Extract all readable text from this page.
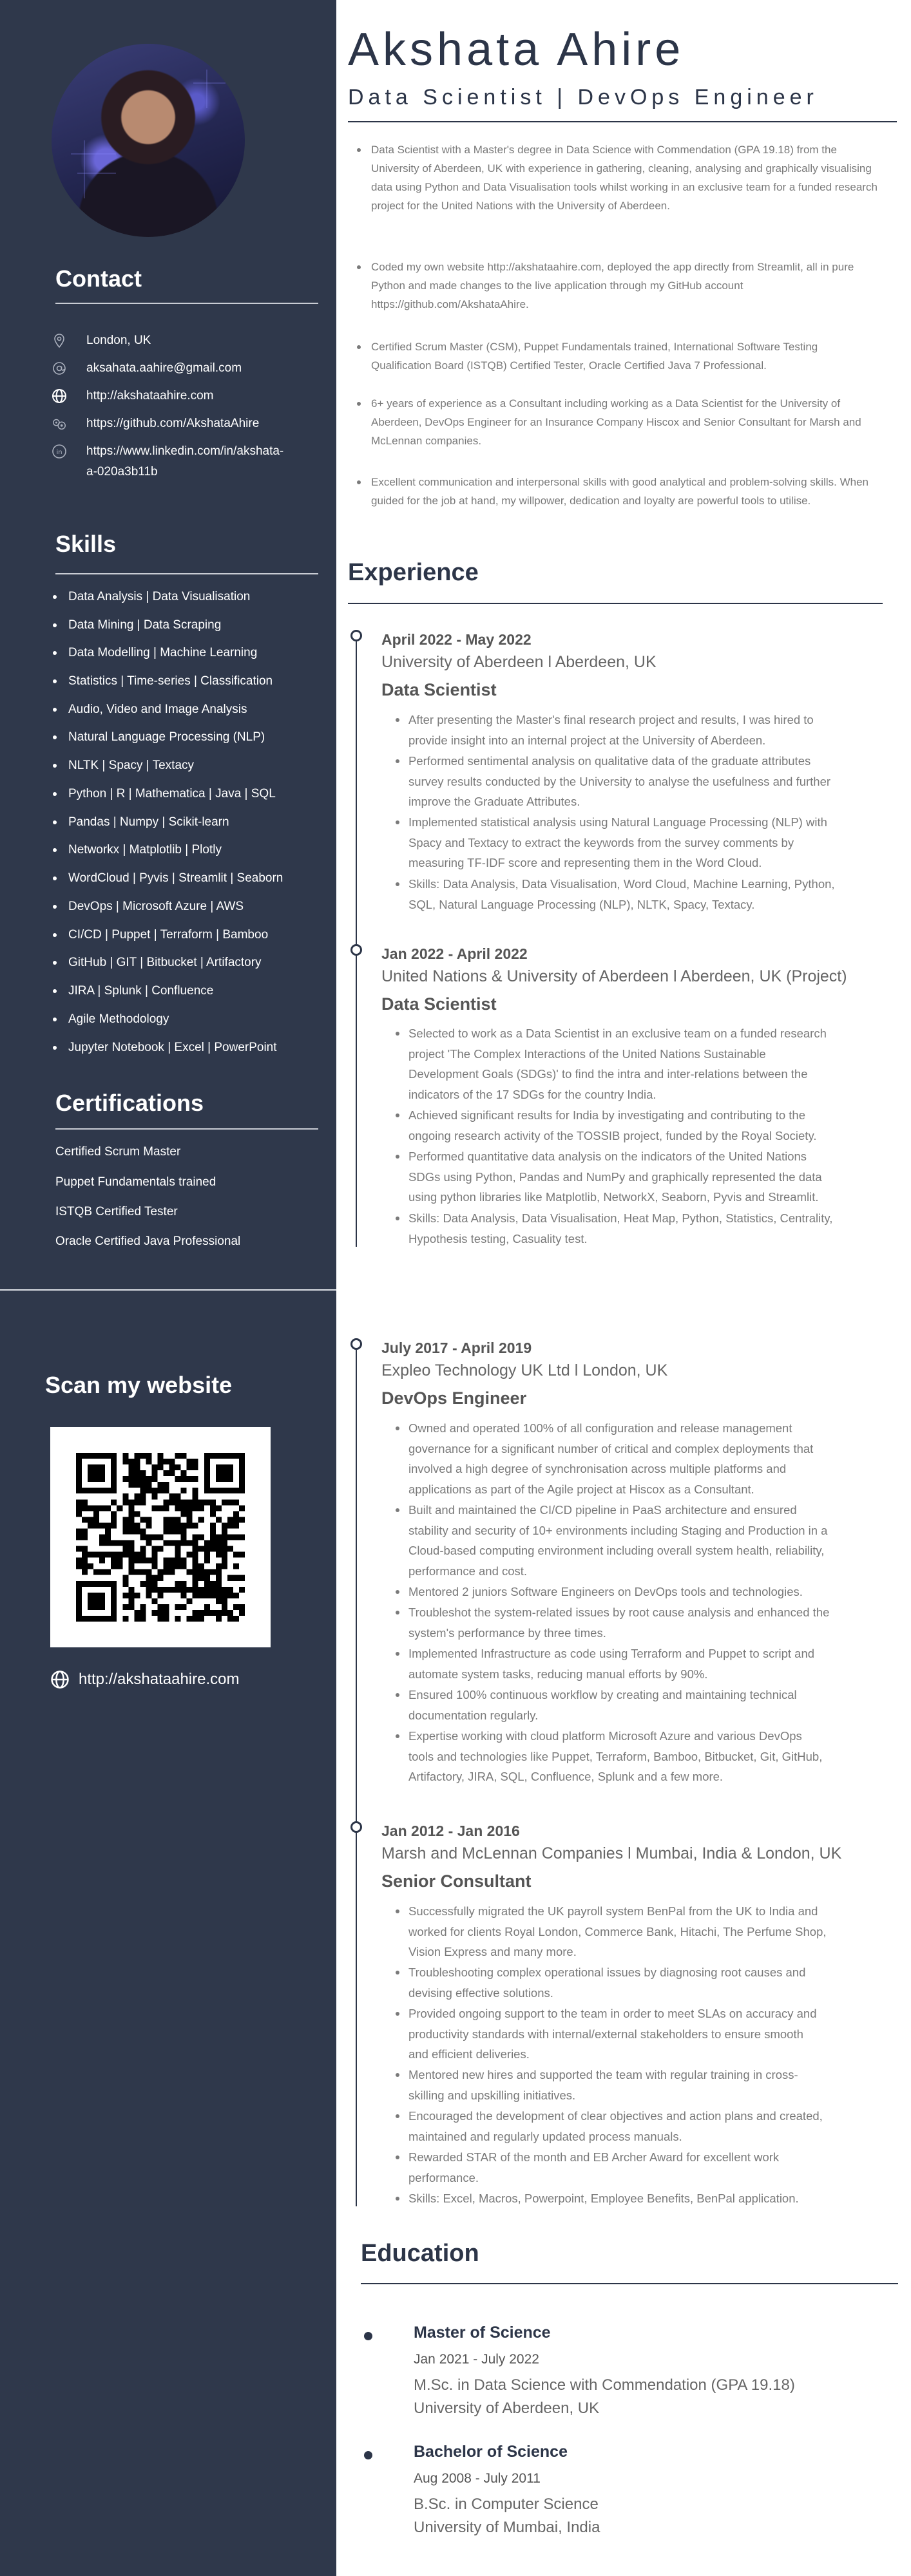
Contact
London, UK
aksahata.aahire@gmail.com
http://akshataahire.com
https://github.com/AkshataAhire
in https://www.linkedin.com/in/akshata-
a-020a3b11b
Skills
Data Analysis | Data Visualisation
Data Mining | Data Scraping
Data Modelling | Machine Learning
Statistics | Time-series | Classification
Audio, Video and Image Analysis
Natural Language Processing (NLP)
NLTK | Spacy | Textacy
Python | R | Mathematica | Java | SQL
Pandas | Numpy | Scikit-learn
Networkx | Matplotlib | Plotly
WordCloud | Pyvis | Streamlit | Seaborn
DevOps | Microsoft Azure | AWS
CI/CD | Puppet | Terraform | Bamboo
GitHub | GIT | Bitbucket | Artifactory
JIRA | Splunk | Confluence
Agile Methodology
Jupyter Notebook | Excel | PowerPoint
Certifications
Certified Scrum Master
Puppet Fundamentals trained
ISTQB Certified Tester
Oracle Certified Java Professional
Scan my website
http://akshataahire.com
Akshata Ahire
Data Scientist | DevOps Engineer
Data Scientist with a Master's degree in Data Science with Commendation (GPA 19.18) from the University of Aberdeen, UK with experience in gathering, cleaning, analysing and graphically visualising data using Python and Data Visualisation tools whilst working in an exclusive team for a funded research project for the United Nations with the University of Aberdeen.
Coded my own website http://akshataahire.com, deployed the app directly from Streamlit, all in pure Python and made changes to the live application through my GitHub account https://github.com/AkshataAhire.
Certified Scrum Master (CSM), Puppet Fundamentals trained, International Software Testing Qualification Board (ISTQB) Certified Tester, Oracle Certified Java 7 Professional.
6+ years of experience as a Consultant including working as a Data Scientist for the University of Aberdeen, DevOps Engineer for an Insurance Company Hiscox and Senior Consultant for Marsh and McLennan companies.
Excellent communication and interpersonal skills with good analytical and problem-solving skills. When guided for the job at hand, my willpower, dedication and loyalty are powerful tools to utilise.
Experience
April 2022 - May 2022
University of Aberdeen l Aberdeen, UK
Data Scientist
After presenting the Master's final research project and results, I was hired to
provide insight into an internal project at the University of Aberdeen.
Performed sentimental analysis on qualitative data of the graduate attributes
survey results conducted by the University to analyse the usefulness and further
improve the Graduate Attributes.
Implemented statistical analysis using Natural Language Processing (NLP) with
Spacy and Textacy to extract the keywords from the survey comments by
measuring TF-IDF score and representing them in the Word Cloud.
Skills: Data Analysis, Data Visualisation, Word Cloud, Machine Learning, Python,
SQL, Natural Language Processing (NLP), NLTK, Spacy, Textacy.
Jan 2022 - April 2022
United Nations & University of Aberdeen l Aberdeen, UK (Project)
Data Scientist
Selected to work as a Data Scientist in an exclusive team on a funded research
project 'The Complex Interactions of the United Nations Sustainable
Development Goals (SDGs)' to find the intra and inter-relations between the
indicators of the 17 SDGs for the country India.
Achieved significant results for India by investigating and contributing to the
ongoing research activity of the TOSSIB project, funded by the Royal Society.
Performed quantitative data analysis on the indicators of the United Nations
SDGs using Python, Pandas and NumPy and graphically represented the data
using python libraries like Matplotlib, NetworkX, Seaborn, Pyvis and Streamlit.
Skills: Data Analysis, Data Visualisation, Heat Map, Python, Statistics, Centrality,
Hypothesis testing, Casuality test.
July 2017 - April 2019
Expleo Technology UK Ltd l London, UK
DevOps Engineer
Owned and operated 100% of all configuration and release management
governance for a significant number of critical and complex deployments that
involved a high degree of synchronisation across multiple platforms and
applications as part of the Agile project at Hiscox as a Consultant.
Built and maintained the CI/CD pipeline in PaaS architecture and ensured
stability and security of 10+ environments including Staging and Production in a
Cloud-based computing environment including overall system health, reliability,
performance and cost.
Mentored 2 juniors Software Engineers on DevOps tools and technologies.
Troubleshot the system-related issues by root cause analysis and enhanced the
system's performance by three times.
Implemented Infrastructure as code using Terraform and Puppet to script and
automate system tasks, reducing manual efforts by 90%.
Ensured 100% continuous workflow by creating and maintaining technical
documentation regularly.
Expertise working with cloud platform Microsoft Azure and various DevOps
tools and technologies like Puppet, Terraform, Bamboo, Bitbucket, Git, GitHub,
Artifactory, JIRA, SQL, Confluence, Splunk and a few more.
Jan 2012 - Jan 2016
Marsh and McLennan Companies l Mumbai, India & London, UK
Senior Consultant
Successfully migrated the UK payroll system BenPal from the UK to India and
worked for clients Royal London, Commerce Bank, Hitachi, The Perfume Shop,
Vision Express and many more.
Troubleshooting complex operational issues by diagnosing root causes and
devising effective solutions.
Provided ongoing support to the team in order to meet SLAs on accuracy and
productivity standards with internal/external stakeholders to ensure smooth
and efficient deliveries.
Mentored new hires and supported the team with regular training in cross-
skilling and upskilling initiatives.
Encouraged the development of clear objectives and action plans and created,
maintained and regularly updated process manuals.
Rewarded STAR of the month and EB Archer Award for excellent work
performance.
Skills: Excel, Macros, Powerpoint, Employee Benefits, BenPal application.
Education
Master of Science
Jan 2021 - July 2022
M.Sc. in Data Science with Commendation (GPA 19.18)
University of Aberdeen, UK
Bachelor of Science
Aug 2008 - July 2011
B.Sc. in Computer Science
University of Mumbai, India
